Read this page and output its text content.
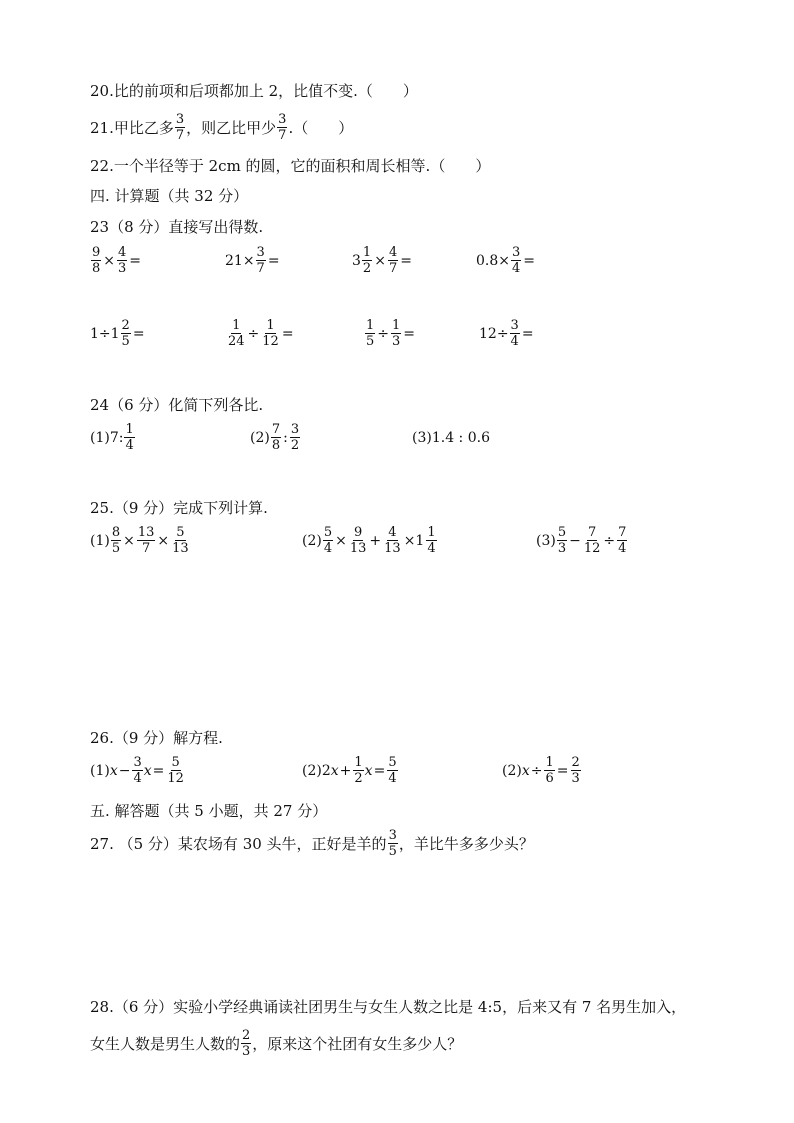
20.比的前项和后项都加上 2，比值不变.（　　）
21.甲比乙多 $\frac{3}{7}$ ，则乙比甲少 $\frac{3}{7}$ .（　　）
22.一个半径等于 2cm 的圆，它的面积和周长相等.（　　）
四. 计算题（共 32 分）
23（8 分）直接写出得数.
$\frac{9}{8} \times \frac{4}{3}$ =	$21\times \frac{3}{7}$ =	$3 \frac{1}{2} \times \frac{4}{7}$ =	$0.8\times \frac{3}{4}$ =
$1\div 1 \frac{2}{5}$ =	$\frac{1}{24} \div \frac{1}{12}$ =	$\frac{1}{5} \div \frac{1}{3}$ =	$12\div \frac{3}{4}$ =
24（6 分）化简下列各比.
(1)7: $\frac{1}{4}$	$(2) \frac{7}{8}$ : $\frac{3}{2}$	(3)1.4 : 0.6
25.（9 分）完成下列计算.
$(1) \frac{8}{5} \times \frac{13}{7} \times \frac{5}{13}$	$(2) \frac{5}{4} \times \frac{9}{13} + \frac{4}{13} \times 1 \frac{1}{4}$	$(3) \frac{5}{3} - \frac{7}{12} \div \frac{7}{4}$
26.（9 分）解方程.
(1) $x - \frac{3}{4}$ $x = \frac{5}{12}$	(2)2 $x + \frac{1}{2}$ $x = \frac{5}{4}$	(2) $x \div \frac{1}{6} = \frac{2}{3}$
五. 解答题（共 5 小题，共 27 分）
27. （5 分）某农场有 30 头牛，正好是羊的 $\frac{3}{5}$ ，羊比牛多多少头？
28.（6 分）实验小学经典诵读社团男生与女生人数之比是 4:5，后来又有 7 名男生加入，
女生人数是男生人数的 $\frac{2}{3}$ ，原来这个社团有女生多少人？
